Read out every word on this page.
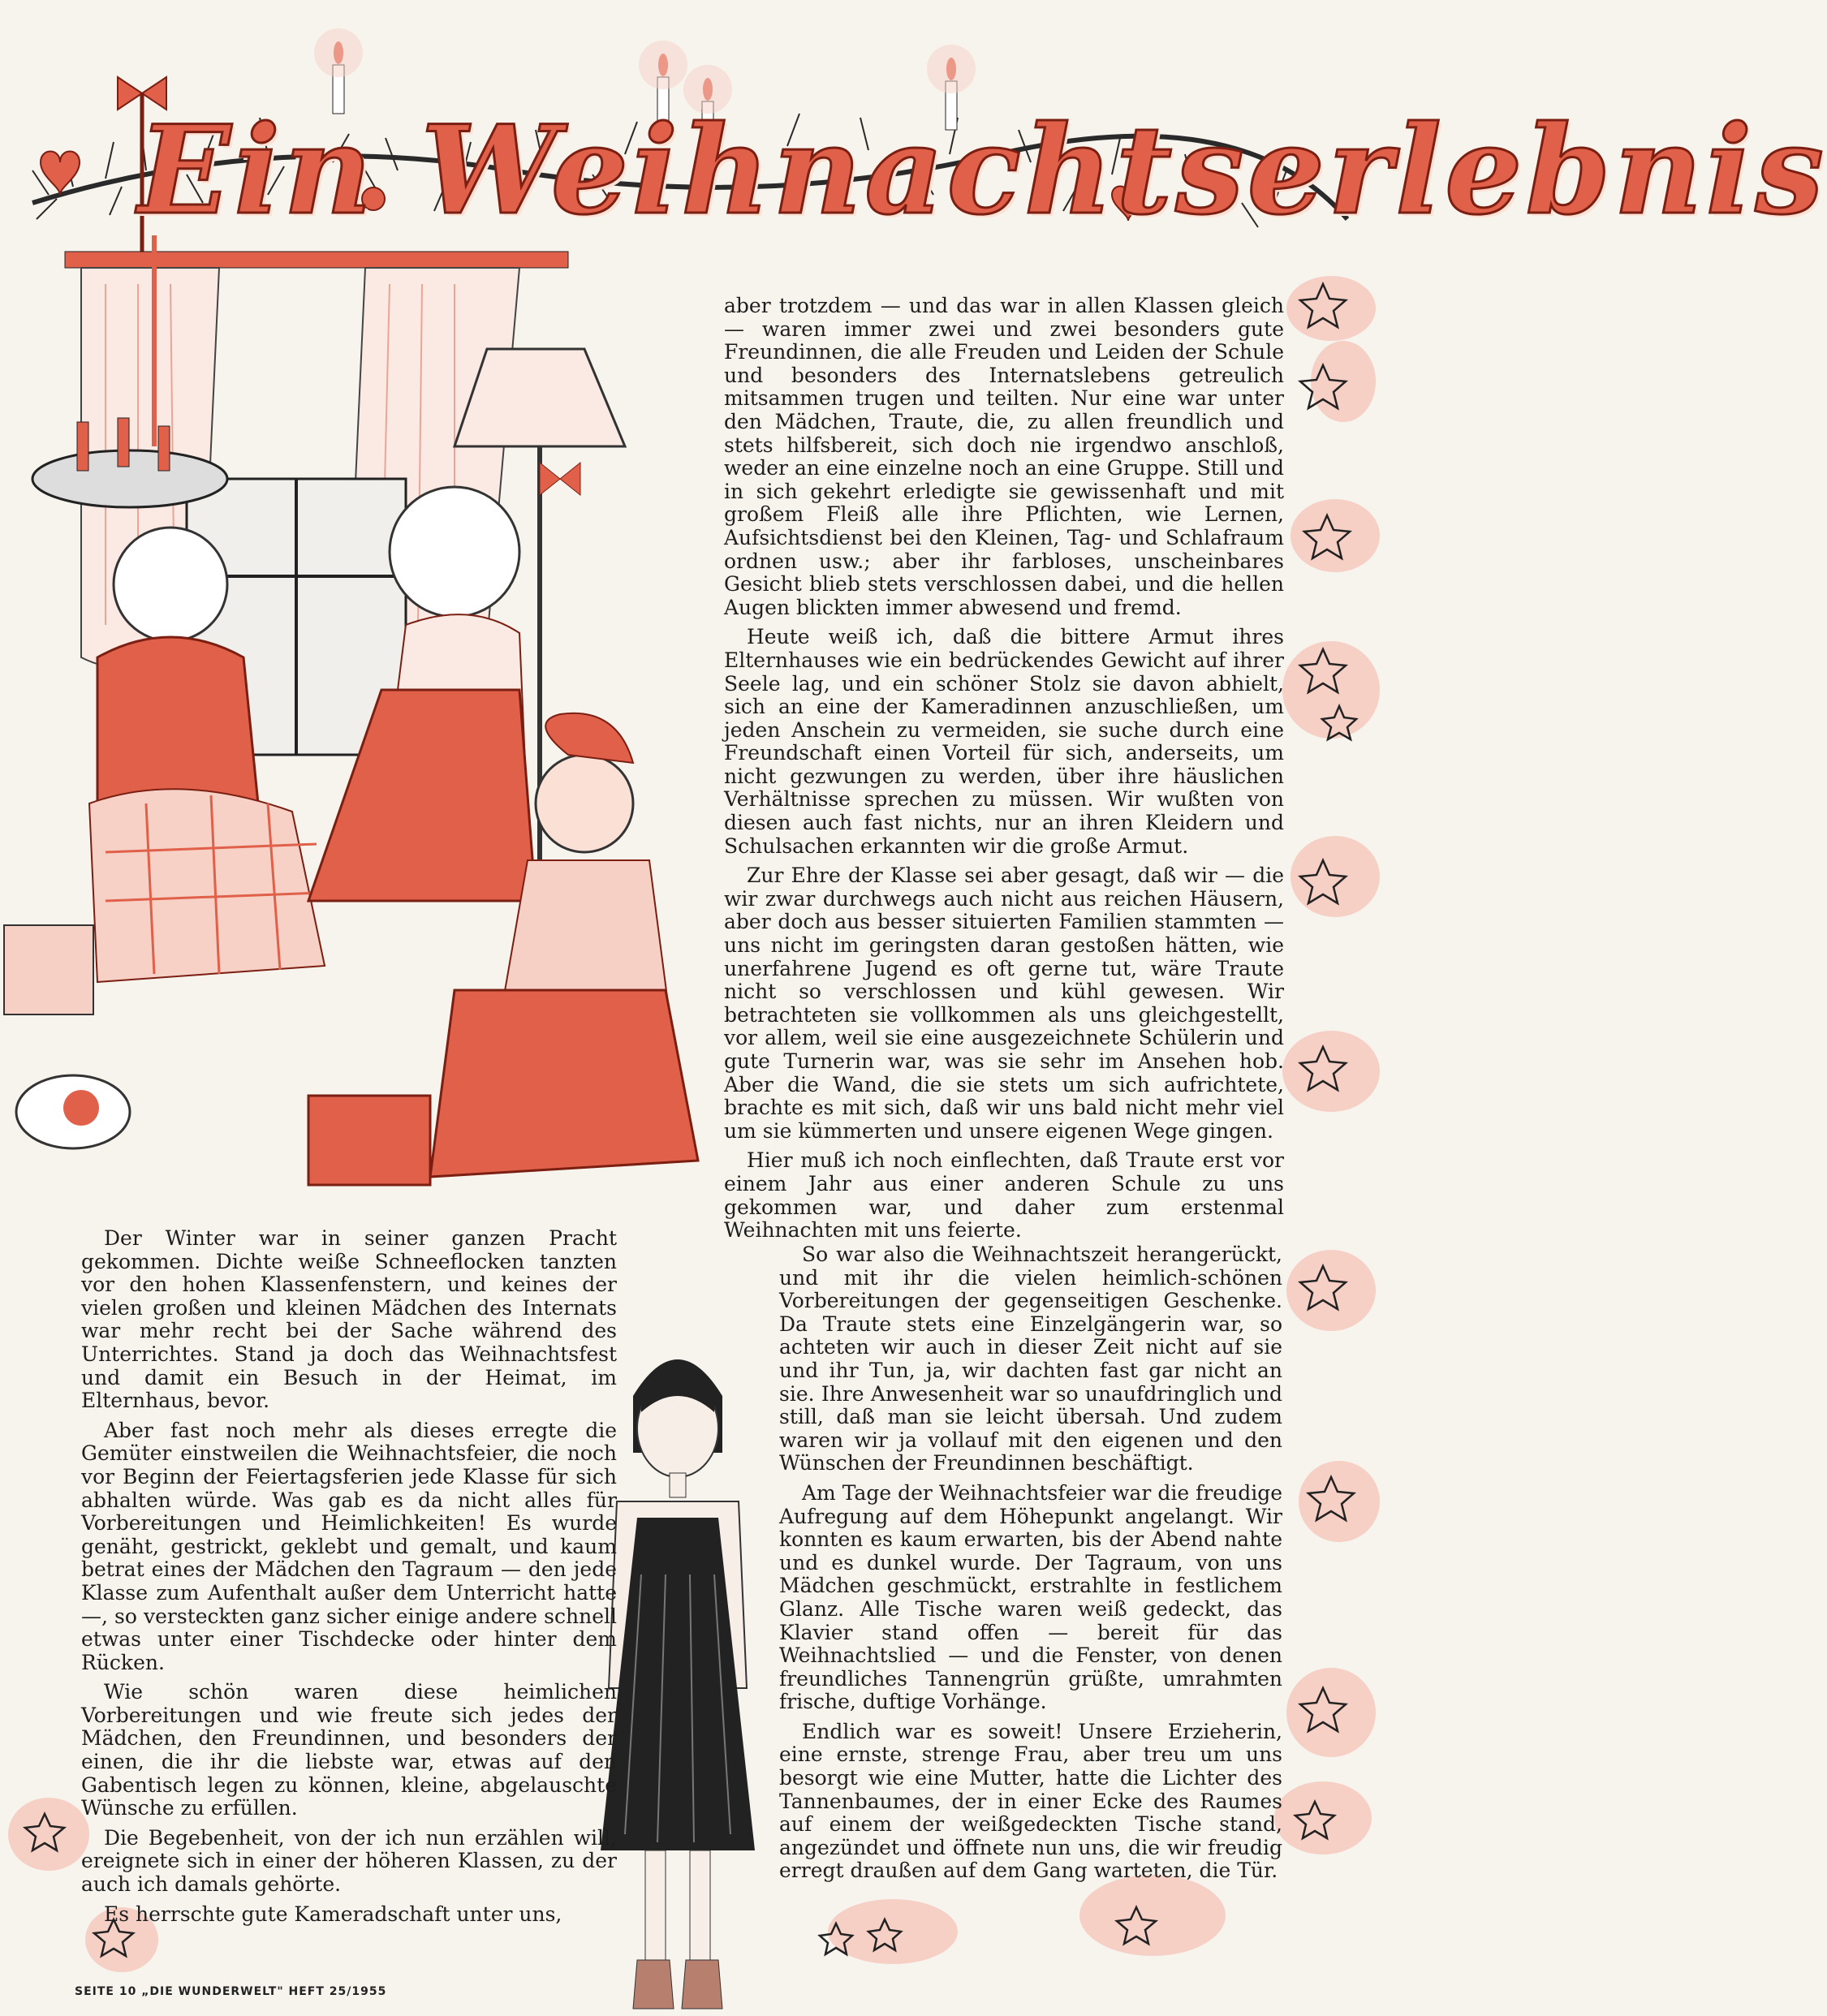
Ein Weihnachtserlebnis

aber trotzdem — und das war in allen Klassen gleich — waren immer zwei und zwei besonders gute Freundinnen, die alle Freuden und Leiden der Schule und besonders des Internatslebens getreulich mitsammen trugen und teilten. Nur eine war unter den Mädchen, Traute, die, zu allen freundlich und stets hilfsbereit, sich doch nie irgendwo anschloß, weder an eine einzelne noch an eine Gruppe. Still und in sich gekehrt erledigte sie gewissenhaft und mit großem Fleiß alle ihre Pflichten, wie Lernen, Aufsichtsdienst bei den Kleinen, Tag- und Schlafraum ordnen usw.; aber ihr farbloses, unscheinbares Gesicht blieb stets verschlossen dabei, und die hellen Augen blickten immer abwesend und fremd.

Heute weiß ich, daß die bittere Armut ihres Elternhauses wie ein bedrückendes Gewicht auf ihrer Seele lag, und ein schöner Stolz sie davon abhielt, sich an eine der Kameradinnen anzuschließen, um jeden Anschein zu vermeiden, sie suche durch eine Freundschaft einen Vorteil für sich, anderseits, um nicht gezwungen zu werden, über ihre häuslichen Verhältnisse sprechen zu müssen. Wir wußten von diesen auch fast nichts, nur an ihren Kleidern und Schulsachen erkannten wir die große Armut.

Zur Ehre der Klasse sei aber gesagt, daß wir — die wir zwar durchwegs auch nicht aus reichen Häusern, aber doch aus besser situierten Familien stammten — uns nicht im geringsten daran gestoßen hätten, wie unerfahrene Jugend es oft gerne tut, wäre Traute nicht so verschlossen und kühl gewesen. Wir betrachteten sie vollkommen als uns gleichgestellt, vor allem, weil sie eine ausgezeichnete Schülerin und gute Turnerin war, was sie sehr im Ansehen hob. Aber die Wand, die sie stets um sich aufrichtete, brachte es mit sich, daß wir uns bald nicht mehr viel um sie kümmerten und unsere eigenen Wege gingen.

Hier muß ich noch einflechten, daß Traute erst vor einem Jahr aus einer anderen Schule zu uns gekommen war, und daher zum erstenmal Weihnachten mit uns feierte.

Der Winter war in seiner ganzen Pracht gekommen. Dichte weiße Schneeflocken tanzten vor den hohen Klassenfenstern, und keines der vielen großen und kleinen Mädchen des Internats war mehr recht bei der Sache während des Unterrichtes. Stand ja doch das Weihnachtsfest und damit ein Besuch in der Heimat, im Elternhaus, bevor.

Aber fast noch mehr als dieses erregte die Gemüter einstweilen die Weihnachtsfeier, die noch vor Beginn der Feiertagsferien jede Klasse für sich abhalten würde. Was gab es da nicht alles für Vorbereitungen und Heimlichkeiten! Es wurde genäht, gestrickt, geklebt und gemalt, und kaum betrat eines der Mädchen den Tagraum — den jede Klasse zum Aufenthalt außer dem Unterricht hatte —, so versteckten ganz sicher einige andere schnell etwas unter einer Tischdecke oder hinter dem Rücken.

Wie schön waren diese heimlichen Vorbereitungen und wie freute sich jedes der Mädchen, den Freundinnen, und besonders der einen, die ihr die liebste war, etwas auf den Gabentisch legen zu können, kleine, abgelauschte Wünsche zu erfüllen.

Die Begebenheit, von der ich nun erzählen will, ereignete sich in einer der höheren Klassen, zu der auch ich damals gehörte.

Es herrschte gute Kameradschaft unter uns,

So war also die Weihnachtszeit herangerückt, und mit ihr die vielen heimlich-schönen Vorbereitungen der gegenseitigen Geschenke. Da Traute stets eine Einzelgängerin war, so achteten wir auch in dieser Zeit nicht auf sie und ihr Tun, ja, wir dachten fast gar nicht an sie. Ihre Anwesenheit war so unaufdringlich und still, daß man sie leicht übersah. Und zudem waren wir ja vollauf mit den eigenen und den Wünschen der Freundinnen beschäftigt.

Am Tage der Weihnachtsfeier war die freudige Aufregung auf dem Höhepunkt angelangt. Wir konnten es kaum erwarten, bis der Abend nahte und es dunkel wurde. Der Tagraum, von uns Mädchen geschmückt, erstrahlte in festlichem Glanz. Alle Tische waren weiß gedeckt, das Klavier stand offen — bereit für das Weihnachtslied — und die Fenster, von denen freundliches Tannengrün grüßte, umrahmten frische, duftige Vorhänge.

Endlich war es soweit! Unsere Erzieherin, eine ernste, strenge Frau, aber treu um uns besorgt wie eine Mutter, hatte die Lichter des Tannenbaumes, der in einer Ecke des Raumes auf einem der weißgedeckten Tische stand, angezündet und öffnete nun uns, die wir freudig erregt draußen auf dem Gang warteten, die Tür.

SEITE 10 „DIE WUNDERWELT" HEFT 25/1955
